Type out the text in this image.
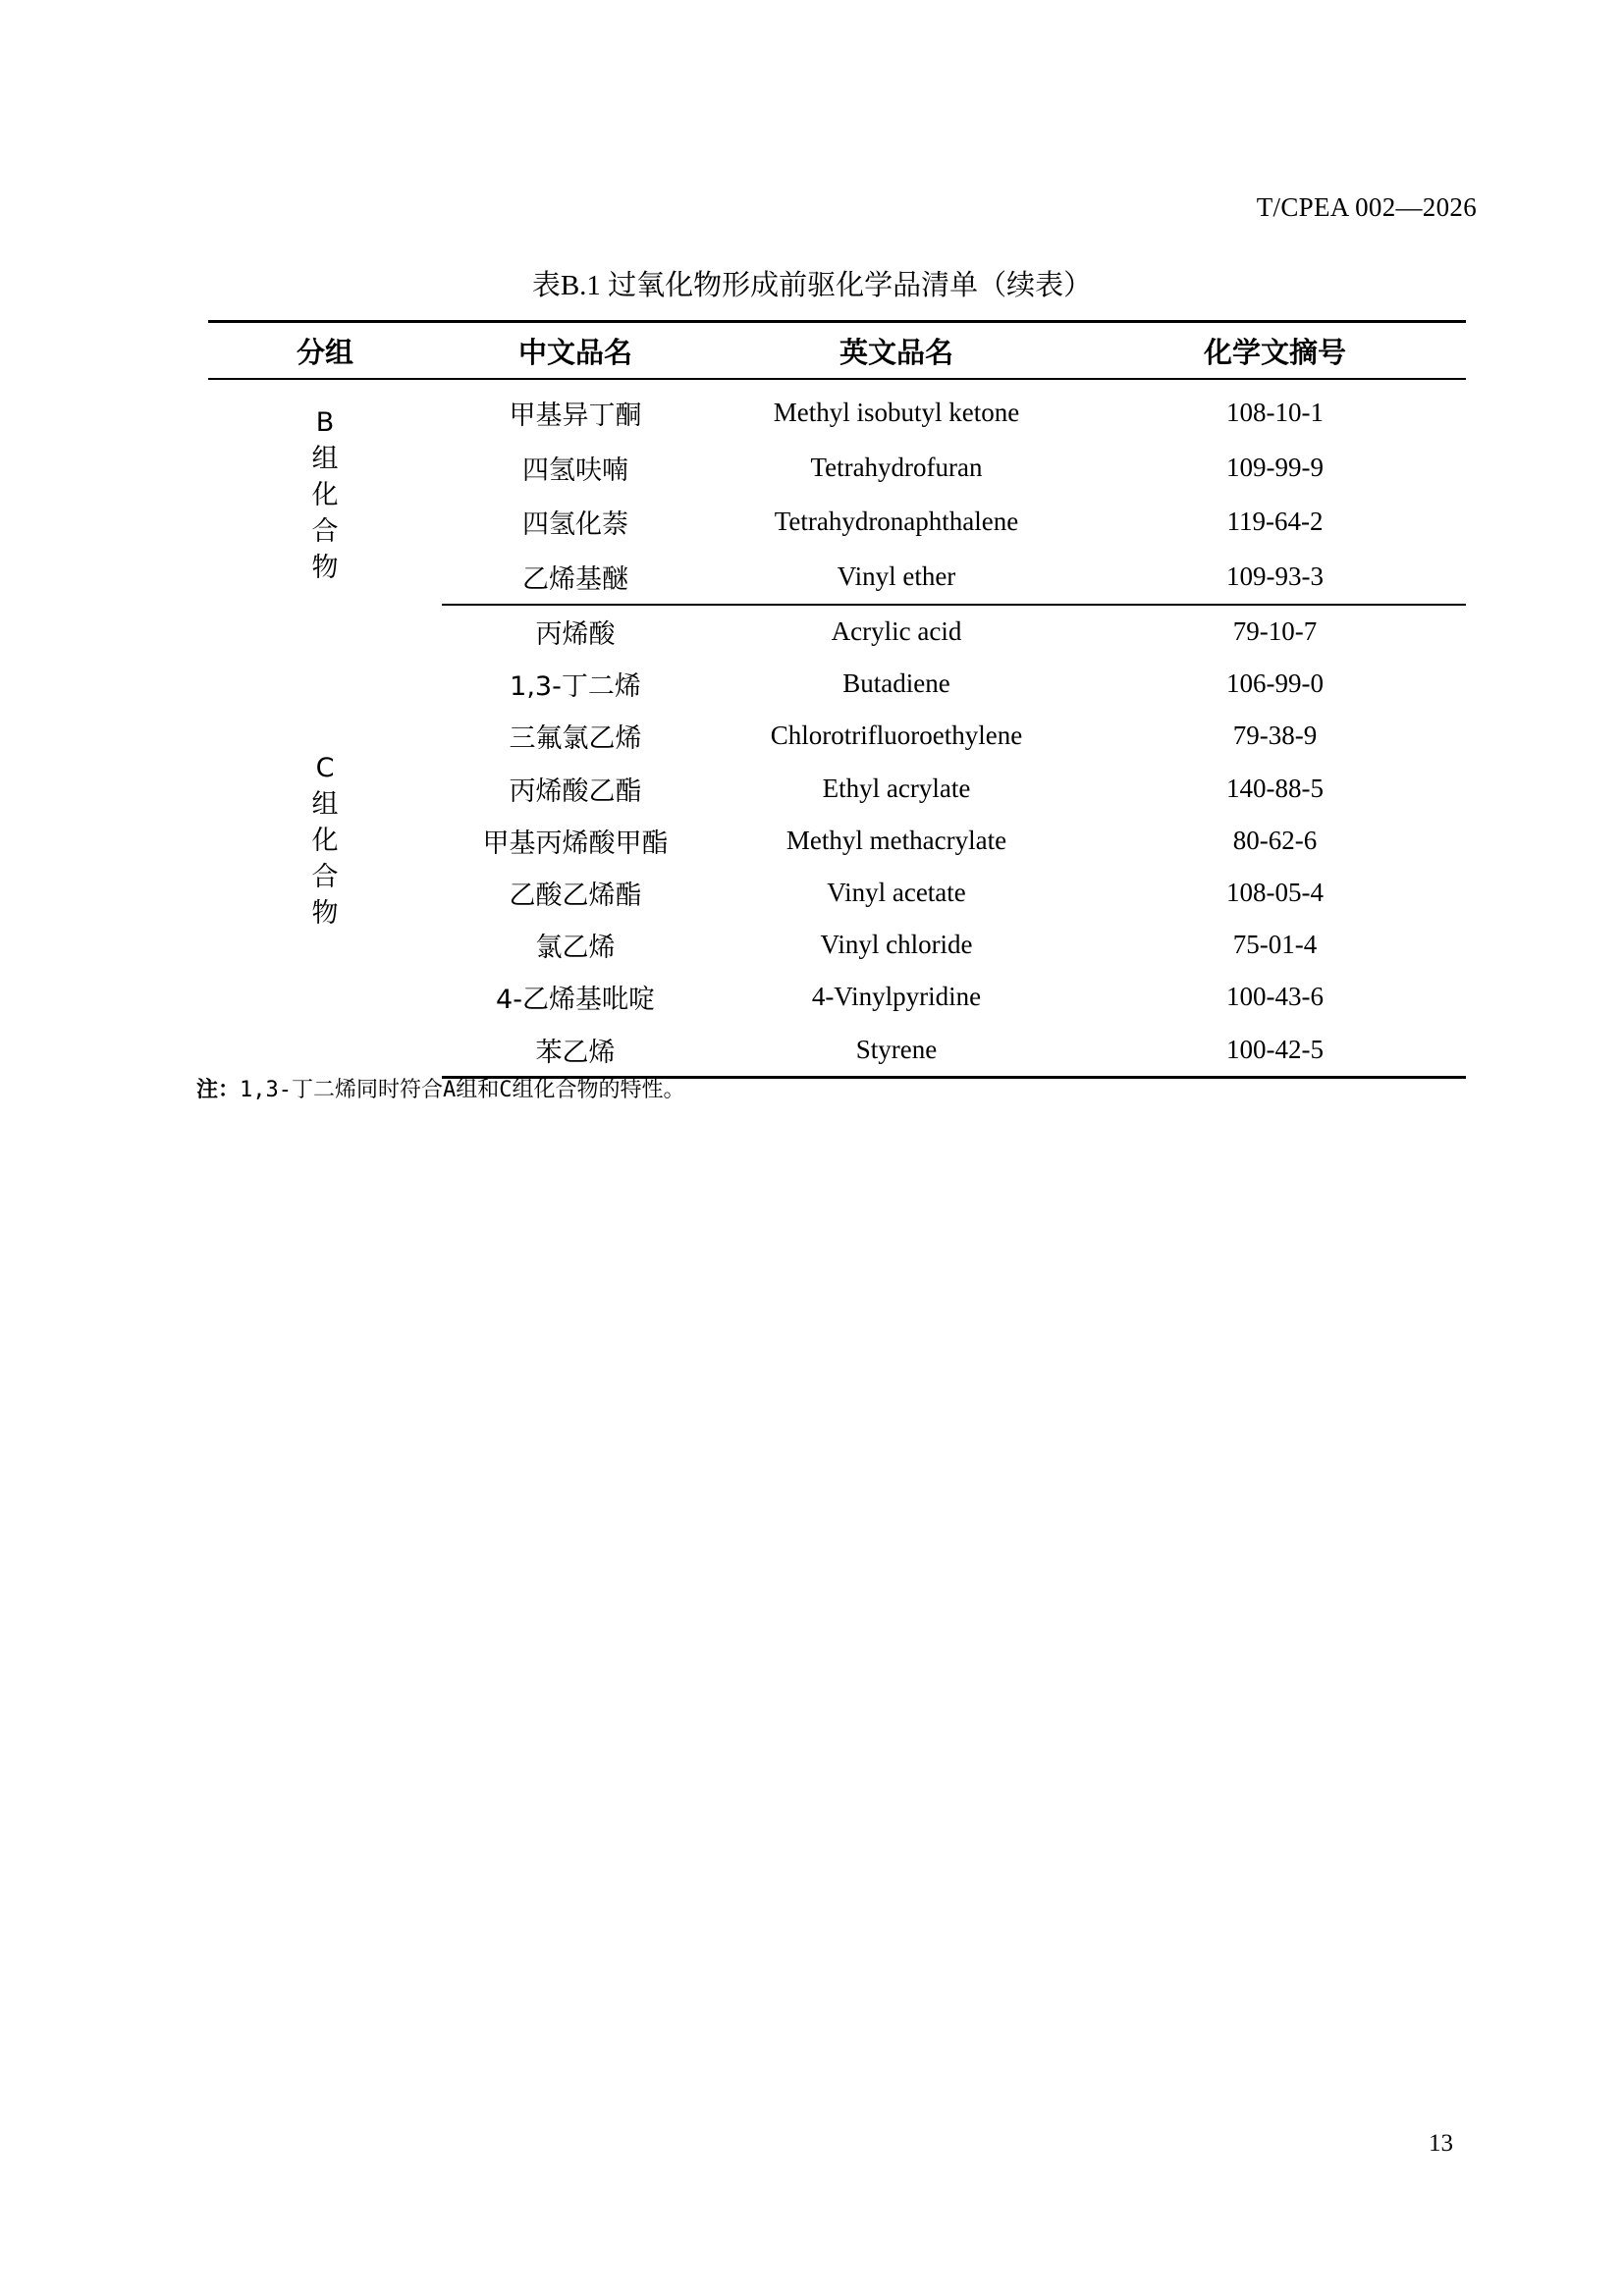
T/CPEA 002—2026
表B.1 过氧化物形成前驱化学品清单（续表）
分组	中文品名	英文品名	化学文摘号
B组化合物	甲基异丁酮	Methyl isobutyl ketone	108-10-1
	四氢呋喃	Tetrahydrofuran	109-99-9
	四氢化萘	Tetrahydronaphthalene	119-64-2
	乙烯基醚	Vinyl ether	109-93-3
C组化合物	丙烯酸	Acrylic acid	79-10-7
	1,3-丁二烯	Butadiene	106-99-0
	三氟氯乙烯	Chlorotrifluoroethylene	79-38-9
	丙烯酸乙酯	Ethyl acrylate	140-88-5
	甲基丙烯酸甲酯	Methyl methacrylate	80-62-6
	乙酸乙烯酯	Vinyl acetate	108-05-4
	氯乙烯	Vinyl chloride	75-01-4
	4-乙烯基吡啶	4-Vinylpyridine	100-43-6
	苯乙烯	Styrene	100-42-5
注：1,3-丁二烯同时符合A组和C组化合物的特性。
13
